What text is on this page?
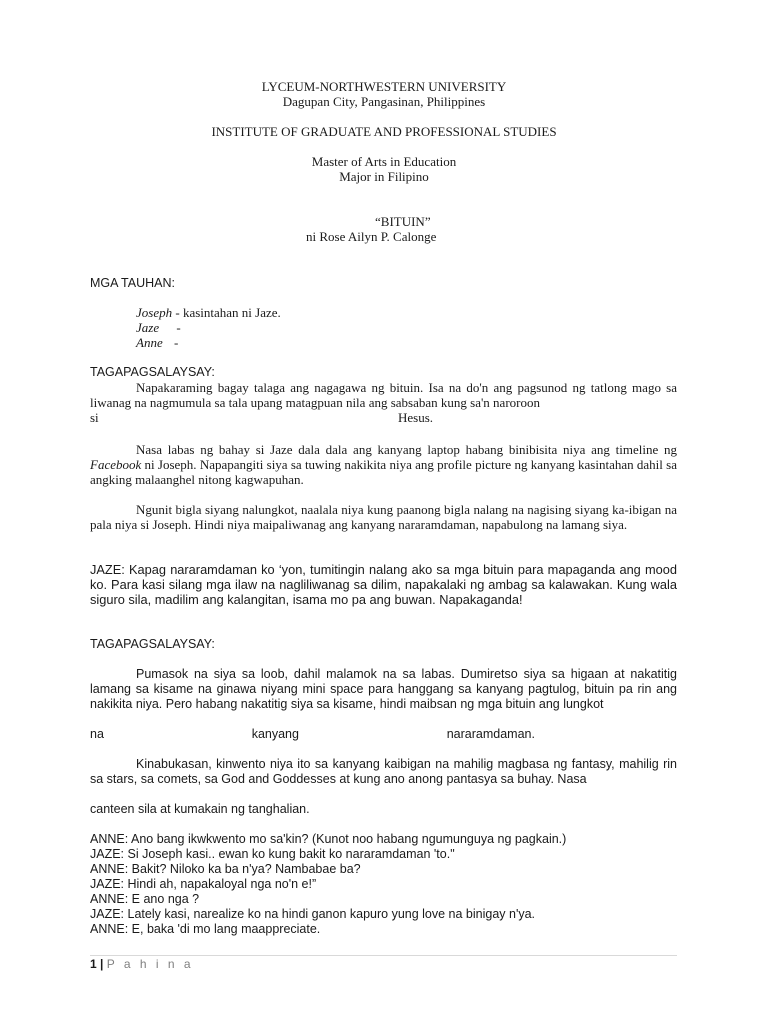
LYCEUM-NORTHWESTERN UNIVERSITY
Dagupan City, Pangasinan, Philippines
INSTITUTE OF GRADUATE AND PROFESSIONAL STUDIES
Master of Arts in Education
Major in Filipino
“BITUIN”
ni Rose Ailyn P. Calonge
MGA TAUHAN:
Joseph - kasintahan ni Jaze.
Jaze -
Anne -
TAGAPAGSALAYSAY:
Napakaraming bagay talaga ang nagagawa ng bituin. Isa na do'n ang pagsunod ng tatlong mago sa liwanag na nagmumula sa tala upang matagpuan nila ang sabsaban kung sa'n naroroon
si	Hesus.
Nasa labas ng bahay si Jaze dala dala ang kanyang laptop habang binibisita niya ang timeline ng Facebook ni Joseph. Napapangiti siya sa tuwing nakikita niya ang profile picture ng kanyang kasintahan dahil sa angking malaanghel nitong kagwapuhan.
Ngunit bigla siyang nalungkot, naalala niya kung paanong bigla nalang na nagising siyang ka-ibigan na pala niya si Joseph. Hindi niya maipaliwanag ang kanyang nararamdaman, napabulong na lamang siya.
JAZE: Kapag nararamdaman ko ‘yon, tumitingin nalang ako sa mga bituin para mapaganda ang mood ko. Para kasi silang mga ilaw na nagliliwanag sa dilim, napakalaki ng ambag sa kalawakan. Kung wala siguro sila, madilim ang kalangitan, isama mo pa ang buwan. Napakaganda!
TAGAPAGSALAYSAY:
Pumasok na siya sa loob, dahil malamok na sa labas. Dumiretso siya sa higaan at nakatitig lamang sa kisame na ginawa niyang mini space para hanggang sa kanyang pagtulog, bituin pa rin ang nakikita niya. Pero habang nakatitig siya sa kisame, hindi maibsan ng mga bituin ang lungkot
na	kanyang	nararamdaman.
Kinabukasan, kinwento niya ito sa kanyang kaibigan na mahilig magbasa ng fantasy, mahilig rin sa stars, sa comets, sa God and Goddesses at kung ano anong pantasya sa buhay. Nasa
canteen sila at kumakain ng tanghalian.
ANNE: Ano bang ikwkwento mo sa'kin? (Kunot noo habang ngumunguya ng pagkain.)
JAZE: Si Joseph kasi.. ewan ko kung bakit ko nararamdaman 'to."
ANNE: Bakit? Niloko ka ba n'ya? Nambabae ba?
JAZE: Hindi ah, napakaloyal nga no'n e!”
ANNE: E ano nga ?
JAZE: Lately kasi, narealize ko na hindi ganon kapuro yung love na binigay n'ya.
ANNE: E, baka 'di mo lang maappreciate.
1 | P a h i n a
